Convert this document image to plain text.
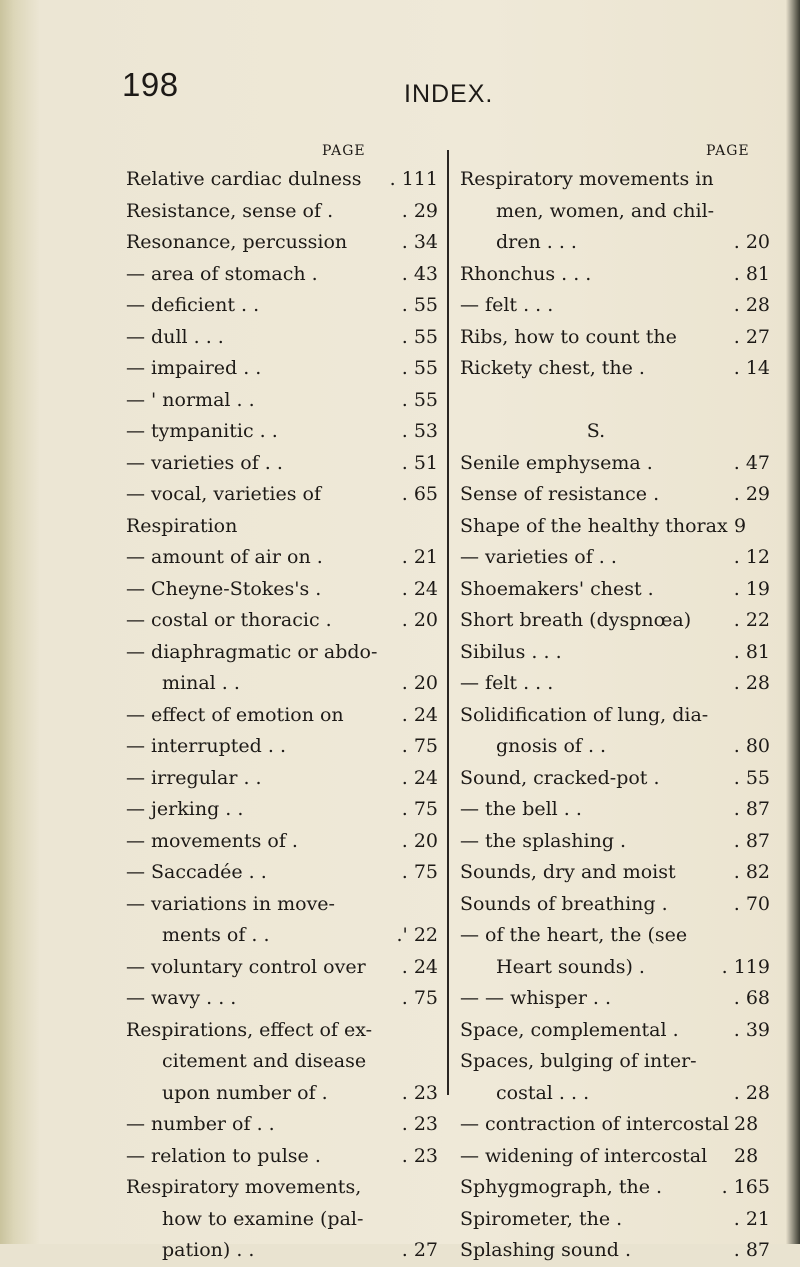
198	INDEX.
PAGE	PAGE
Relative cardiac dulness	. 111
Resistance, sense of .	. 29
Resonance, percussion	. 34
— area of stomach .	. 43
— deficient . .	. 55
— dull . . .	. 55
— impaired . .	. 55
— ' normal . .	. 55
— tympanitic . .	. 53
— varieties of . .	. 51
— vocal, varieties of	. 65
Respiration
— amount of air on .	. 21
— Cheyne-Stokes's .	. 24
— costal or thoracic .	. 20
— diaphragmatic or abdo-
minal . .	. 20
— effect of emotion on	. 24
— interrupted . .	. 75
— irregular . .	. 24
— jerking . .	. 75
— movements of .	. 20
— Saccadée . .	. 75
— variations in move-
ments of . .	.' 22
— voluntary control over	. 24
— wavy . . .	. 75
Respirations, effect of ex-
citement and disease
upon number of .	. 23
— number of . .	. 23
— relation to pulse .	. 23
Respiratory movements,
how to examine (pal-
pation) . .	. 27
Respiratory movements in
men, women, and chil-
dren . . .	. 20
Rhonchus . . .	. 81
— felt . . .	. 28
Ribs, how to count the	. 27
Rickety chest, the .	. 14
S.
Senile emphysema .	. 47
Sense of resistance .	. 29
Shape of the healthy thorax 9
— varieties of . .	. 12
Shoemakers' chest .	. 19
Short breath (dyspnœa)	. 22
Sibilus . . .	. 81
— felt . . .	. 28
Solidification of lung, dia-
gnosis of . .	. 80
Sound, cracked-pot .	. 55
— the bell . .	. 87
— the splashing .	. 87
Sounds, dry and moist	. 82
Sounds of breathing .	. 70
— of the heart, the (see
Heart sounds) .	. 119
— — whisper . .	. 68
Space, complemental .	. 39
Spaces, bulging of inter-
costal . . .	. 28
— contraction of intercostal 28
— widening of intercostal	28
Sphygmograph, the .	. 165
Spirometer, the .	. 21
Splashing sound .	. 87
